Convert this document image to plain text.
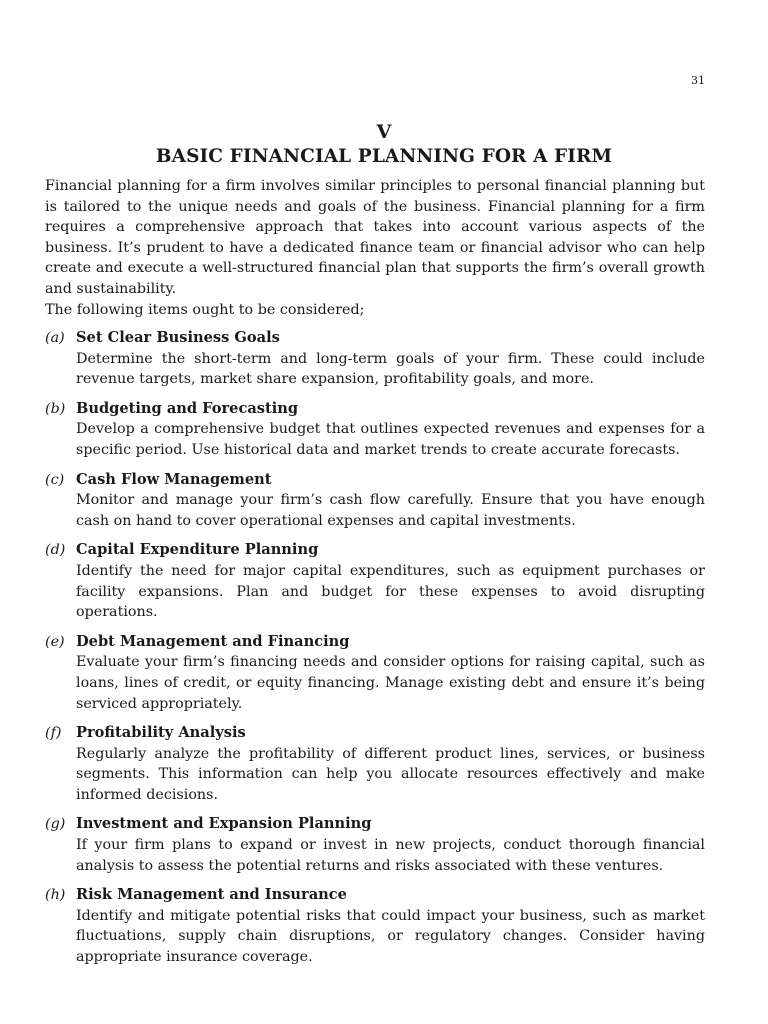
31
V
BASIC FINANCIAL PLANNING FOR A FIRM

Financial planning for a firm involves similar principles to personal financial planning but is tailored to the unique needs and goals of the business. Financial planning for a firm requires a comprehensive approach that takes into account various aspects of the business. It’s prudent to have a dedicated finance team or financial advisor who can help create and execute a well-structured financial plan that supports the firm’s overall growth and sustainability.

The following items ought to be considered;

(a) Set Clear Business Goals
Determine the short-term and long-term goals of your firm. These could include revenue targets, market share expansion, profitability goals, and more.
(b) Budgeting and Forecasting
Develop a comprehensive budget that outlines expected revenues and expenses for a specific period. Use historical data and market trends to create accurate forecasts.
(c) Cash Flow Management
Monitor and manage your firm’s cash flow carefully. Ensure that you have enough cash on hand to cover operational expenses and capital investments.
(d) Capital Expenditure Planning
Identify the need for major capital expenditures, such as equipment purchases or facility expansions. Plan and budget for these expenses to avoid disrupting operations.
(e) Debt Management and Financing
Evaluate your firm’s financing needs and consider options for raising capital, such as loans, lines of credit, or equity financing. Manage existing debt and ensure it’s being serviced appropriately.
(f) Profitability Analysis
Regularly analyze the profitability of different product lines, services, or business segments. This information can help you allocate resources effectively and make informed decisions.
(g) Investment and Expansion Planning
If your firm plans to expand or invest in new projects, conduct thorough financial analysis to assess the potential returns and risks associated with these ventures.
(h) Risk Management and Insurance
Identify and mitigate potential risks that could impact your business, such as market fluctuations, supply chain disruptions, or regulatory changes. Consider having appropriate insurance coverage.
